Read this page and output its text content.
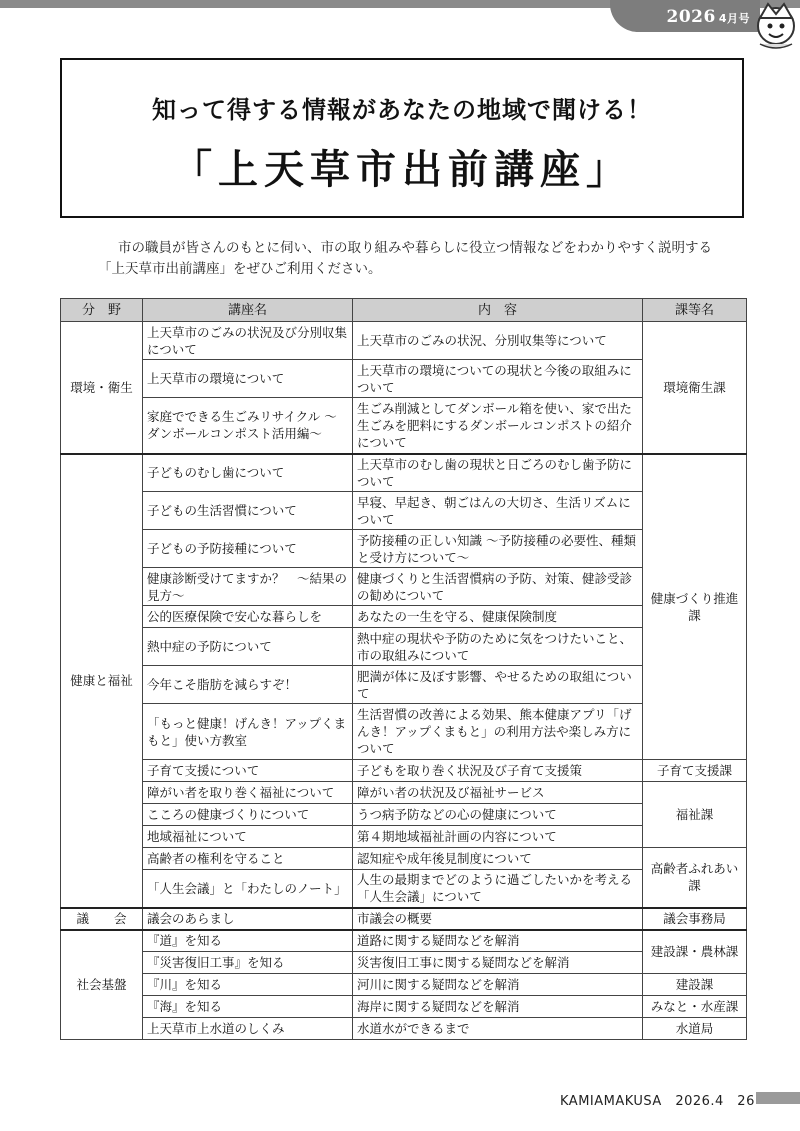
2026 4月号
知って得する情報があなたの地域で聞ける！
「上天草市出前講座」
市の職員が皆さんのもとに伺い、市の取り組みや暮らしに役立つ情報などをわかりやすく説明する
「上天草市出前講座」をぜひご利用ください。
分　野	講座名	内　容	課等名
環境・衛生	上天草市のごみの状況及び分別収集について	上天草市のごみの状況、分別収集等について	環境衛生課
	上天草市の環境について	上天草市の環境についての現状と今後の取組みについて	
	家庭でできる生ごみリサイクル ～ダンボールコンポスト活用編～	生ごみ削減としてダンボール箱を使い、家で出た生ごみを肥料にするダンボールコンポストの紹介について	
健康と福祉	子どものむし歯について	上天草市のむし歯の現状と日ごろのむし歯予防について	健康づくり推進課
	子どもの生活習慣について	早寝、早起き、朝ごはんの大切さ、生活リズムについて	
	子どもの予防接種について	予防接種の正しい知識 ～予防接種の必要性、種類と受け方について～	
	健康診断受けてますか？　～結果の見方～	健康づくりと生活習慣病の予防、対策、健診受診の勧めについて	
	公的医療保険で安心な暮らしを	あなたの一生を守る、健康保険制度	
	熱中症の予防について	熱中症の現状や予防のために気をつけたいこと、市の取組みについて	
	今年こそ脂肪を減らすぞ！	肥満が体に及ぼす影響、やせるための取組について	
	「もっと健康！げんき！アップくまもと」使い方教室	生活習慣の改善による効果、熊本健康アプリ「げんき！アップくまもと」の利用方法や楽しみ方について	
	子育て支援について	子どもを取り巻く状況及び子育て支援策	子育て支援課
	障がい者を取り巻く福祉について	障がい者の状況及び福祉サービス	福祉課
	こころの健康づくりについて	うつ病予防などの心の健康について	
	地域福祉について	第４期地域福祉計画の内容について	
	高齢者の権利を守ること	認知症や成年後見制度について	高齢者ふれあい課
	「人生会議」と「わたしのノート」	人生の最期までどのように過ごしたいかを考える「人生会議」について	
議　　会	議会のあらまし	市議会の概要	議会事務局
社会基盤	『道』を知る	道路に関する疑問などを解消	建設課・農林課
	『災害復旧工事』を知る	災害復旧工事に関する疑問などを解消	
	『川』を知る	河川に関する疑問などを解消	建設課
	『海』を知る	海岸に関する疑問などを解消	みなと・水産課
	上天草市上水道のしくみ	水道水ができるまで	水道局
KAMIAMAKUSA　2026.4　26
